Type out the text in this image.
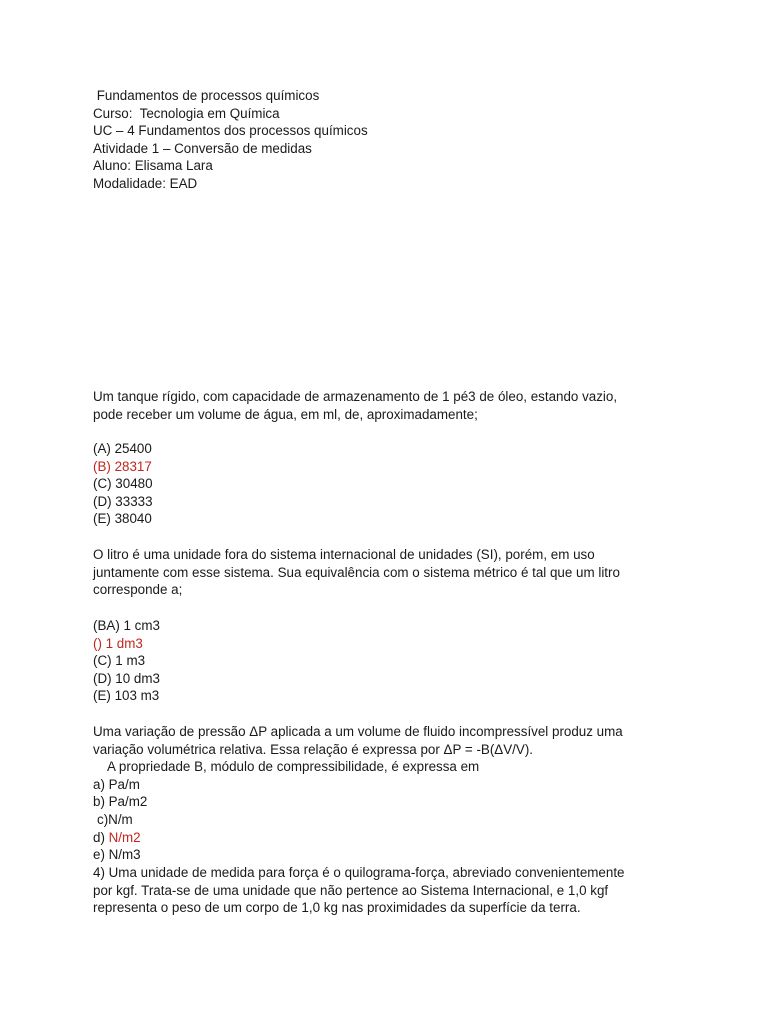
Fundamentos de processos químicos
Curso:  Tecnologia em Química
UC – 4 Fundamentos dos processos químicos
Atividade 1 – Conversão de medidas
Aluno: Elisama Lara
Modalidade: EAD
Um tanque rígido, com capacidade de armazenamento de 1 pé3 de óleo, estando vazio,
pode receber um volume de água, em ml, de, aproximadamente;
(A) 25400
(B) 28317
(C) 30480
(D) 33333
(E) 38040
O litro é uma unidade fora do sistema internacional de unidades (SI), porém, em uso
juntamente com esse sistema. Sua equivalência com o sistema métrico é tal que um litro
corresponde a;
(BA) 1 cm3
() 1 dm3
(C) 1 m3
(D) 10 dm3
(E) 103 m3
Uma variação de pressão ΔP aplicada a um volume de fluido incompressível produz uma
variação volumétrica relativa. Essa relação é expressa por ΔP = -B(ΔV/V).
A propriedade B, módulo de compressibilidade, é expressa em
a) Pa/m
b) Pa/m2
c)N/m
d) N/m2
e) N/m3
4) Uma unidade de medida para força é o quilograma-força, abreviado convenientemente
por kgf. Trata-se de uma unidade que não pertence ao Sistema Internacional, e 1,0 kgf
representa o peso de um corpo de 1,0 kg nas proximidades da superfície da terra.
